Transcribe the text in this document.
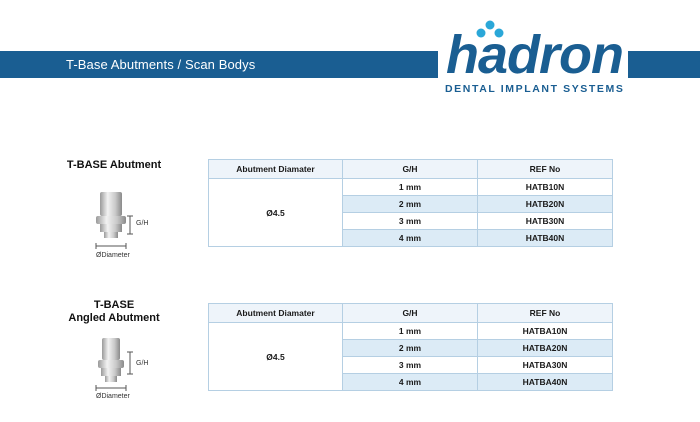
T-Base Abutments / Scan Bodys	hadron
DENTAL IMPLANT SYSTEMS
T-BASE Abutment
G/H
ØDiameter
Abutment Diamater	G/H	REF No
Ø4.5	1 mm	HATB10N
	2 mm	HATB20N
	3 mm	HATB30N
	4 mm	HATB40N
T-BASE
Angled Abutment
G/H
ØDiameter
Abutment Diamater	G/H	REF No
Ø4.5	1 mm	HATBA10N
	2 mm	HATBA20N
	3 mm	HATBA30N
	4 mm	HATBA40N
